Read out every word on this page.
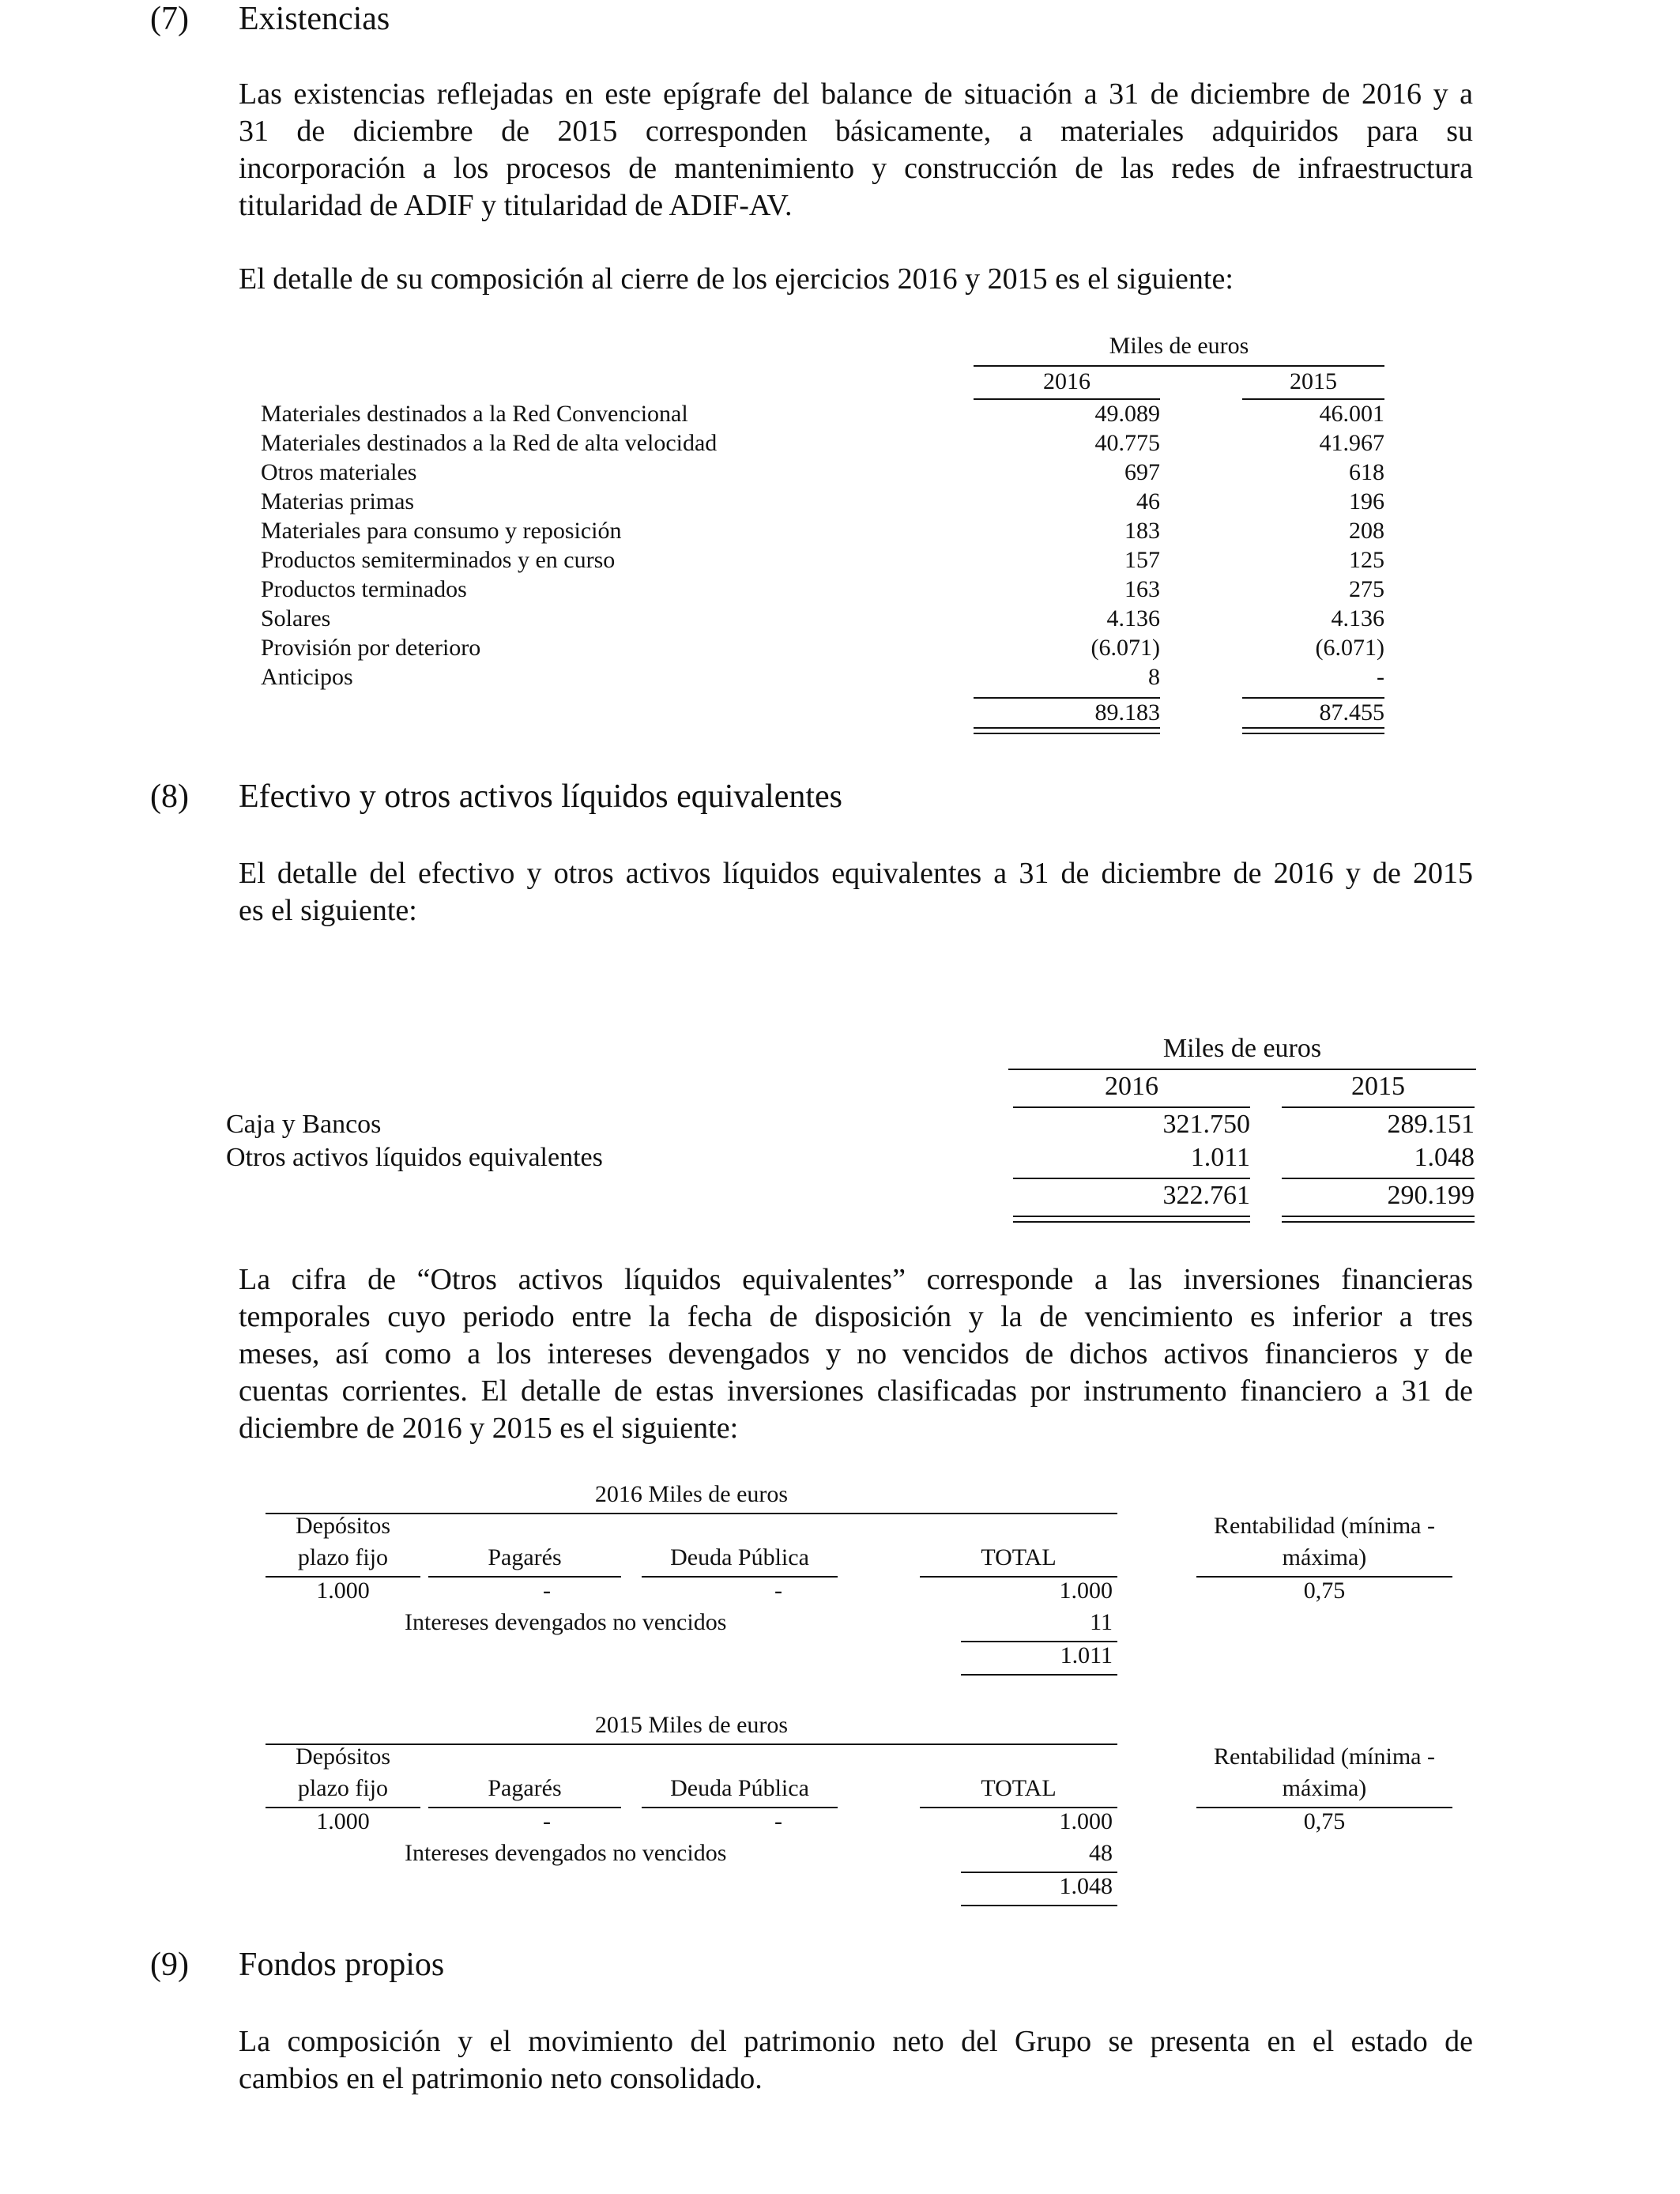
(7) Existencias
Las existencias reflejadas en este epígrafe del balance de situación a 31 de diciembre de 2016 y a
31 de diciembre de 2015 corresponden básicamente, a materiales adquiridos para su
incorporación a los procesos de mantenimiento y construcción de las redes de infraestructura
titularidad de ADIF y titularidad de ADIF-AV.
El detalle de su composición al cierre de los ejercicios 2016 y 2015 es el siguiente:
Miles de euros
2016	2015
Materiales destinados a la Red Convencional	49.089	46.001
Materiales destinados a la Red de alta velocidad	40.775	41.967
Otros materiales	697	618
Materias primas	46	196
Materiales para consumo y reposición	183	208
Productos semiterminados y en curso	157	125
Productos terminados	163	275
Solares	4.136	4.136
Provisión por deterioro	(6.071)	(6.071)
Anticipos	8	-
89.183	87.455
(8) Efectivo y otros activos líquidos equivalentes
El detalle del efectivo y otros activos líquidos equivalentes a 31 de diciembre de 2016 y de 2015
es el siguiente:
Miles de euros
2016	2015
Caja y Bancos	321.750	289.151
Otros activos líquidos equivalentes	1.011	1.048
322.761	290.199
La cifra de “Otros activos líquidos equivalentes” corresponde a las inversiones financieras
temporales cuyo periodo entre la fecha de disposición y la de vencimiento es inferior a tres
meses, así como a los intereses devengados y no vencidos de dichos activos financieros y de
cuentas corrientes. El detalle de estas inversiones clasificadas por instrumento financiero a 31 de
diciembre de 2016 y 2015 es el siguiente:
2016 Miles de euros
Depósitos
plazo fijo	Pagarés	Deuda Pública	TOTAL
Rentabilidad (mínima -
máxima)
1.000	-	-	1.000	0,75
Intereses devengados no vencidos	11
1.011
2015 Miles de euros
Depósitos
plazo fijo	Pagarés	Deuda Pública	TOTAL
Rentabilidad (mínima -
máxima)
1.000	-	-	1.000	0,75
Intereses devengados no vencidos	48
1.048
(9) Fondos propios
La composición y el movimiento del patrimonio neto del Grupo se presenta en el estado de
cambios en el patrimonio neto consolidado.
